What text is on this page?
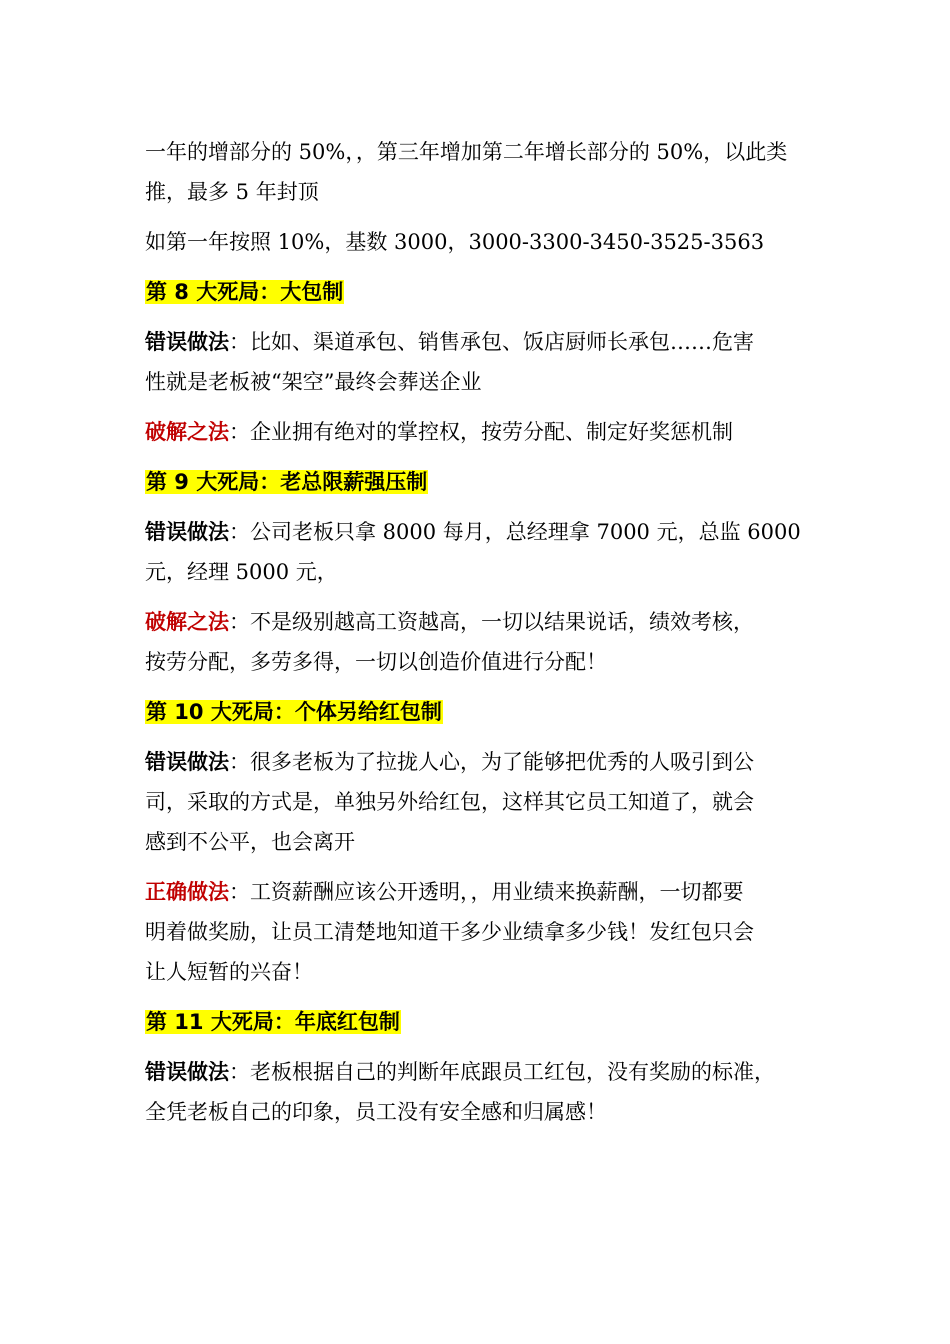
一年的增部分的 50%，，第三年增加第二年增长部分的 50%，以此类
推，最多 5 年封顶
如第一年按照 10%，基数 3000，3000-3300-3450-3525-3563
第 8 大死局：大包制
错误做法：比如、渠道承包、销售承包、饭店厨师长承包……危害
性就是老板被“架空”最终会葬送企业
破解之法：企业拥有绝对的掌控权，按劳分配、制定好奖惩机制
第 9 大死局：老总限薪强压制
错误做法：公司老板只拿 8000 每月，总经理拿 7000 元，总监 6000
元，经理 5000 元，
破解之法：不是级别越高工资越高，一切以结果说话，绩效考核，
按劳分配，多劳多得，一切以创造价值进行分配！
第 10 大死局：个体另给红包制
错误做法：很多老板为了拉拢人心，为了能够把优秀的人吸引到公
司，采取的方式是，单独另外给红包，这样其它员工知道了，就会
感到不公平，也会离开
正确做法：工资薪酬应该公开透明，，用业绩来换薪酬，一切都要
明着做奖励，让员工清楚地知道干多少业绩拿多少钱！发红包只会
让人短暂的兴奋！
第 11 大死局：年底红包制
错误做法：老板根据自己的判断年底跟员工红包，没有奖励的标准，
全凭老板自己的印象，员工没有安全感和归属感！
